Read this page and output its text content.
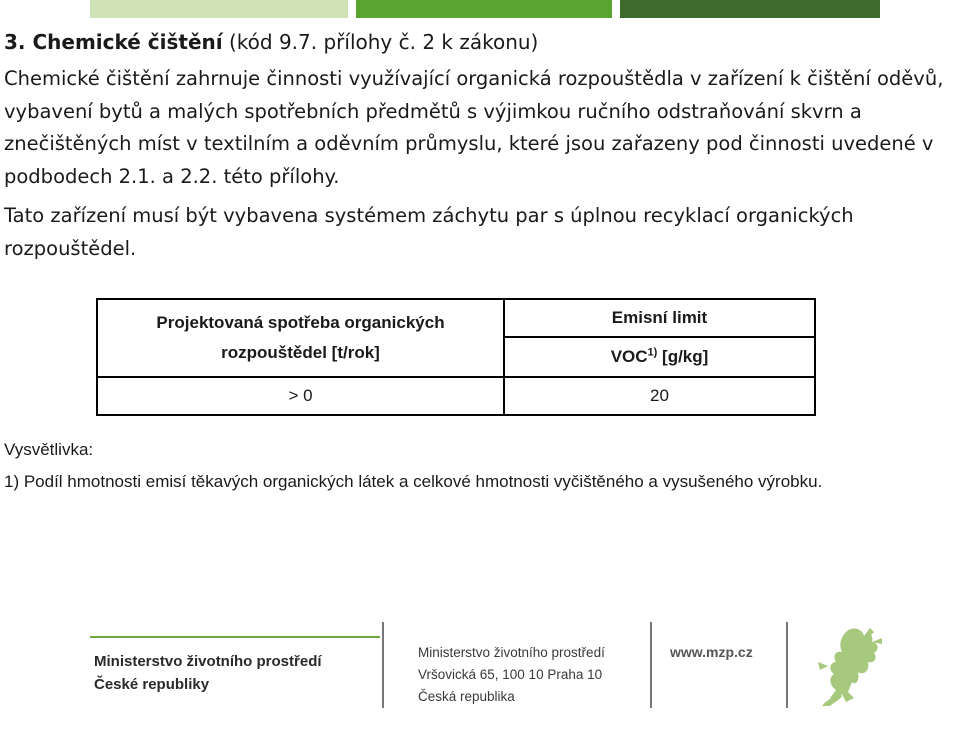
3. Chemické čištění (kód 9.7. přílohy č. 2 k zákonu)

Chemické čištění zahrnuje činnosti využívající organická rozpouštědla v zařízení k čištění oděvů, vybavení bytů a malých spotřebních předmětů s výjimkou ručního odstraňování skvrn a znečištěných míst v textilním a oděvním průmyslu, které jsou zařazeny pod činnosti uvedené v podbodech 2.1. a 2.2. této přílohy.

Tato zařízení musí být vybavena systémem záchytu par s úplnou recyklací organických rozpouštědel.

Projektovaná spotřeba organických
rozpouštědel [t/rok]	Emisní limit
	VOC$^{1)}$ [g/kg]
> 0	20
Vysvětlivka:
1) Podíl hmotnosti emisí těkavých organických látek a celkové hmotnosti vyčištěného a vysušeného výrobku.
Ministerstvo životního prostředí
České republiky
Ministerstvo životního prostředí
Vršovická 65, 100 10 Praha 10
Česká republika
www.mzp.cz
